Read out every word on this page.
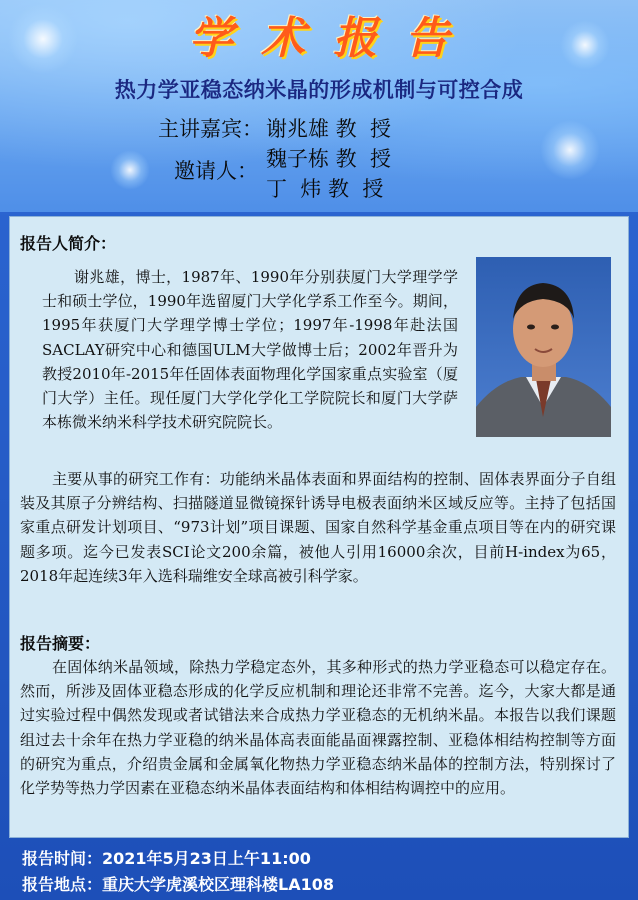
学术报告
热力学亚稳态纳米晶的形成机制与可控合成
主讲嘉宾： 谢兆雄 教  授
邀请人： 魏子栋 教  授
丁  炜 教  授
报告人简介：
谢兆雄，博士，1987年、1990年分别获厦门大学理学学士和硕士学位，1990年选留厦门大学化学系工作至今。期间，1995年获厦门大学理学博士学位；1997年-1998年赴法国SACLAY研究中心和德国ULM大学做博士后；2002年晋升为教授2010年-2015年任固体表面物理化学国家重点实验室（厦门大学）主任。现任厦门大学化学化工学院院长和厦门大学萨本栋微米纳米科学技术研究院院长。
主要从事的研究工作有：功能纳米晶体表面和界面结构的控制、固体表界面分子自组装及其原子分辨结构、扫描隧道显微镜探针诱导电极表面纳米区域反应等。主持了包括国家重点研发计划项目、“973计划”项目课题、国家自然科学基金重点项目等在内的研究课题多项。迄今已发表SCI论文200余篇，被他人引用16000余次，目前H-index为65，2018年起连续3年入选科瑞维安全球高被引科学家。
报告摘要：
在固体纳米晶领域，除热力学稳定态外，其多种形式的热力学亚稳态可以稳定存在。然而，所涉及固体亚稳态形成的化学反应机制和理论还非常不完善。迄今，大家大都是通过实验过程中偶然发现或者试错法来合成热力学亚稳态的无机纳米晶。本报告以我们课题组过去十余年在热力学亚稳的纳米晶体高表面能晶面裸露控制、亚稳体相结构控制等方面的研究为重点，介绍贵金属和金属氧化物热力学亚稳态纳米晶体的控制方法，特别探讨了化学势等热力学因素在亚稳态纳米晶体表面结构和体相结构调控中的应用。
报告时间：2021年5月23日上午11:00
报告地点：重庆大学虎溪校区理科楼LA108
